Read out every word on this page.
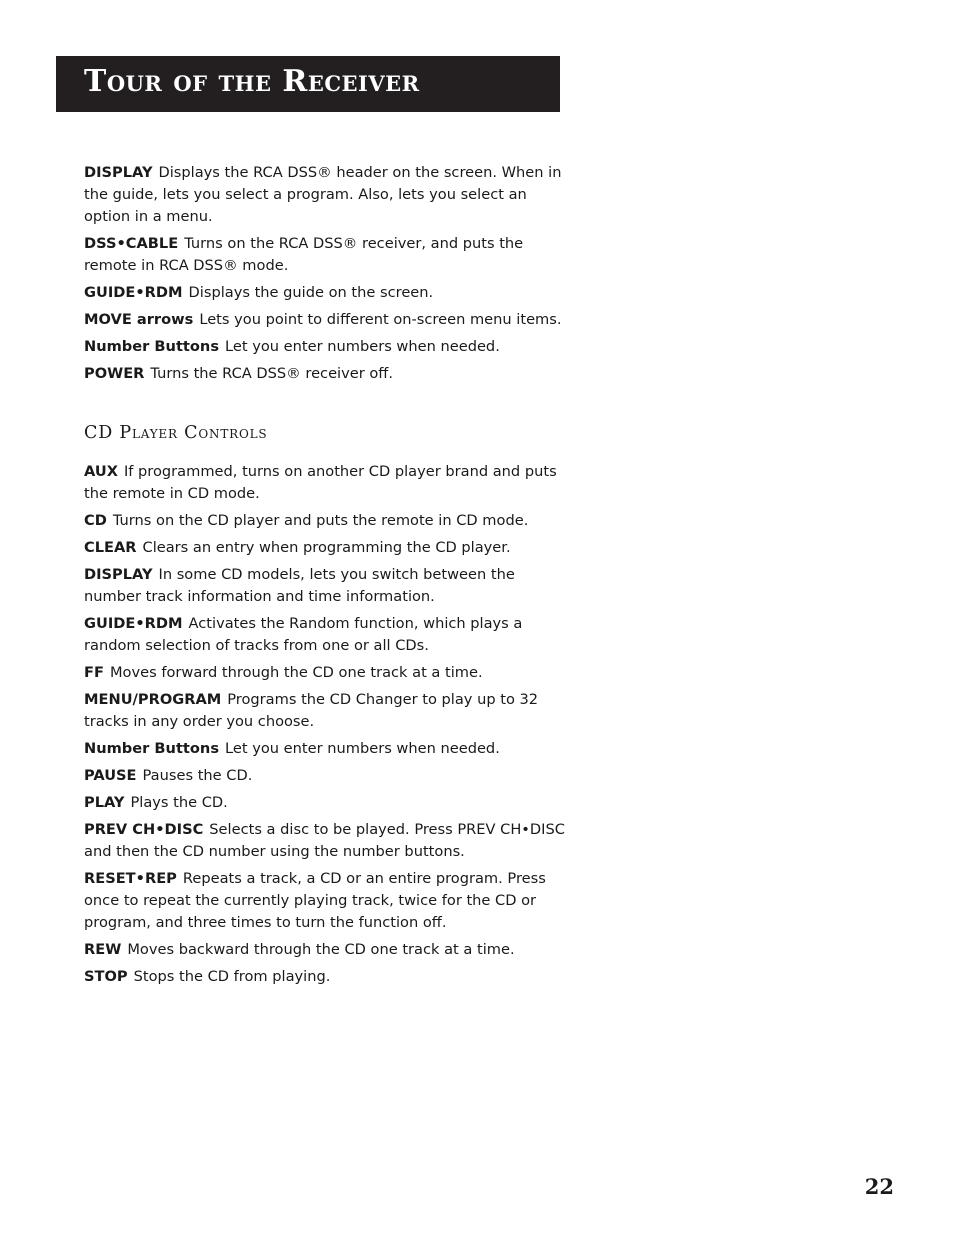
Tour of the Receiver

DISPLAY Displays the RCA DSS® header on the screen. When in the guide, lets you select a program. Also, lets you select an option in a menu.

DSS•CABLE Turns on the RCA DSS® receiver, and puts the remote in RCA DSS® mode.

GUIDE•RDM Displays the guide on the screen.

MOVE arrows Lets you point to different on-screen menu items.

Number Buttons Let you enter numbers when needed.

POWER Turns the RCA DSS® receiver off.

CD Player Controls

AUX If programmed, turns on another CD player brand and puts the remote in CD mode.

CD Turns on the CD player and puts the remote in CD mode.

CLEAR Clears an entry when programming the CD player.

DISPLAY In some CD models, lets you switch between the number track information and time information.

GUIDE•RDM Activates the Random function, which plays a random selection of tracks from one or all CDs.

FF Moves forward through the CD one track at a time.

MENU/PROGRAM Programs the CD Changer to play up to 32 tracks in any order you choose.

Number Buttons Let you enter numbers when needed.

PAUSE Pauses the CD.

PLAY Plays the CD.

PREV CH•DISC Selects a disc to be played. Press PREV CH•DISC and then the CD number using the number buttons.

RESET•REP Repeats a track, a CD or an entire program. Press once to repeat the currently playing track, twice for the CD or program, and three times to turn the function off.

REW Moves backward through the CD one track at a time.

STOP Stops the CD from playing.

22
